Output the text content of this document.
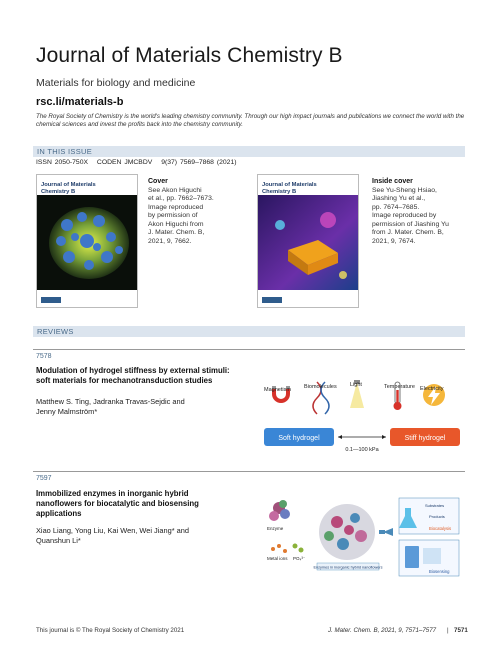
Journal of Materials Chemistry B
Materials for biology and medicine
rsc.li/materials-b
The Royal Society of Chemistry is the world's leading chemistry community. Through our high impact journals and publications we connect the world with the chemical sciences and invest the profits back into the chemistry community.
IN THIS ISSUE
ISSN 2050-750X CODEN JMCBDV 9(37) 7569–7868 (2021)
Journal of Materials Chemistry B
Cover
See Akon Higuchi
et al., pp. 7662–7673.
Image reproduced
by permission of
Akon Higuchi from
J. Mater. Chem. B,
2021, 9, 7662.
Journal of Materials Chemistry B
Inside cover
See Yu-Sheng Hsiao,
Jiashing Yu et al.,
pp. 7674–7685.
Image reproduced by
permission of Jiashing Yu
from J. Mater. Chem. B,
2021, 9, 7674.
REVIEWS
7578
Modulation of hydrogel stiffness by external stimuli:
soft materials for mechanotransduction studies
Matthew S. Ting, Jadranka Travas-Sejdic and
Jenny Malmström*
Magnetism Biomolecules Light	Temperature Electricity
Soft hydrogel	Stiff hydrogel
0.1—100 kPa
7597
Immobilized enzymes in inorganic hybrid
nanoflowers for biocatalytic and biosensing
applications
Xiao Liang, Yong Liu, Kai Wen, Wei Jiang* and
Quanshun Li*
Enzyme
Metal ions PO₄³⁻
Enzymes in inorganic hybrid nanoflowers
Substrates
Products
Biocatalysis
Biosensing
This journal is © The Royal Society of Chemistry 2021	J. Mater. Chem. B, 2021, 9, 7571–7577 | 7571
